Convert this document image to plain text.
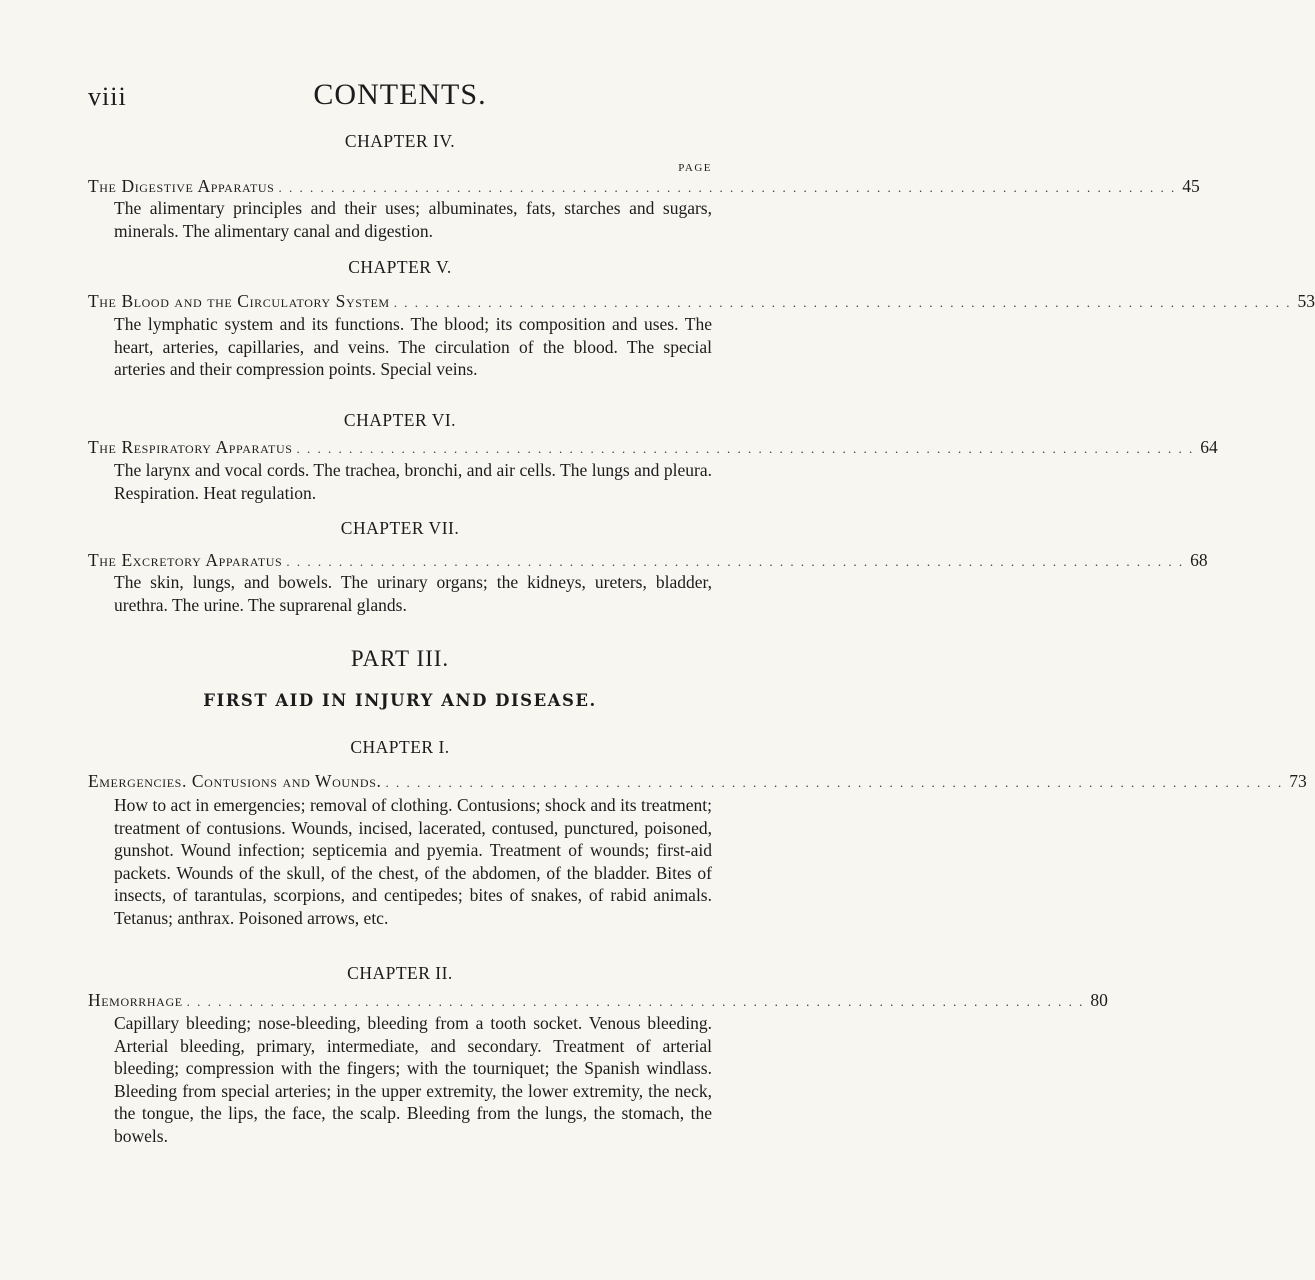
viii	CONTENTS.
CHAPTER IV.
PAGE
The Digestive Apparatus . . . . . . . . . . . . . . . . . . . . . . . . . . . . . . . . . . . . . . . . . . . . . . . . . . . . . . . . . . . . . . . . . . . . . . . . . . . . . . . . . . . . . . 45
The alimentary principles and their uses; albuminates, fats, starches and sugars, minerals. The alimentary canal and digestion.
CHAPTER V.
The Blood and the Circulatory System . . . . . . . . . . . . . . . . . . . . . . . . . . . . . . . . . . . . . . . . . . . . . . . . . . . . . . . . . . . . . . . . . . . . . . . . . . . . . . . . . . . . . . 53
The lymphatic system and its functions. The blood; its composition and uses. The heart, arteries, capillaries, and veins. The circulation of the blood. The special arteries and their compression points. Special veins.
CHAPTER VI.
The Respiratory Apparatus . . . . . . . . . . . . . . . . . . . . . . . . . . . . . . . . . . . . . . . . . . . . . . . . . . . . . . . . . . . . . . . . . . . . . . . . . . . . . . . . . . . . . . 64
The larynx and vocal cords. The trachea, bronchi, and air cells. The lungs and pleura. Respiration. Heat regulation.
CHAPTER VII.
The Excretory Apparatus . . . . . . . . . . . . . . . . . . . . . . . . . . . . . . . . . . . . . . . . . . . . . . . . . . . . . . . . . . . . . . . . . . . . . . . . . . . . . . . . . . . . . . 68
The skin, lungs, and bowels. The urinary organs; the kidneys, ureters, bladder, urethra. The urine. The suprarenal glands.
PART III.
FIRST AID IN INJURY AND DISEASE.
CHAPTER I.
Emergencies. Contusions and Wounds. . . . . . . . . . . . . . . . . . . . . . . . . . . . . . . . . . . . . . . . . . . . . . . . . . . . . . . . . . . . . . . . . . . . . . . . . . . . . . . . . . . . . . . 73
How to act in emergencies; removal of clothing. Contusions; shock and its treatment; treatment of contusions. Wounds, incised, lacerated, contused, punctured, poisoned, gunshot. Wound infection; septicemia and pyemia. Treatment of wounds; first-aid packets. Wounds of the skull, of the chest, of the abdomen, of the bladder. Bites of insects, of tarantulas, scorpions, and centipedes; bites of snakes, of rabid animals. Tetanus; anthrax. Poisoned arrows, etc.
CHAPTER II.
Hemorrhage . . . . . . . . . . . . . . . . . . . . . . . . . . . . . . . . . . . . . . . . . . . . . . . . . . . . . . . . . . . . . . . . . . . . . . . . . . . . . . . . . . . . . . 80
Capillary bleeding; nose-bleeding, bleeding from a tooth socket. Venous bleeding. Arterial bleeding, primary, intermediate, and secondary. Treatment of arterial bleeding; compression with the fingers; with the tourniquet; the Spanish windlass. Bleeding from special arteries; in the upper extremity, the lower extremity, the neck, the tongue, the lips, the face, the scalp. Bleeding from the lungs, the stomach, the bowels.
